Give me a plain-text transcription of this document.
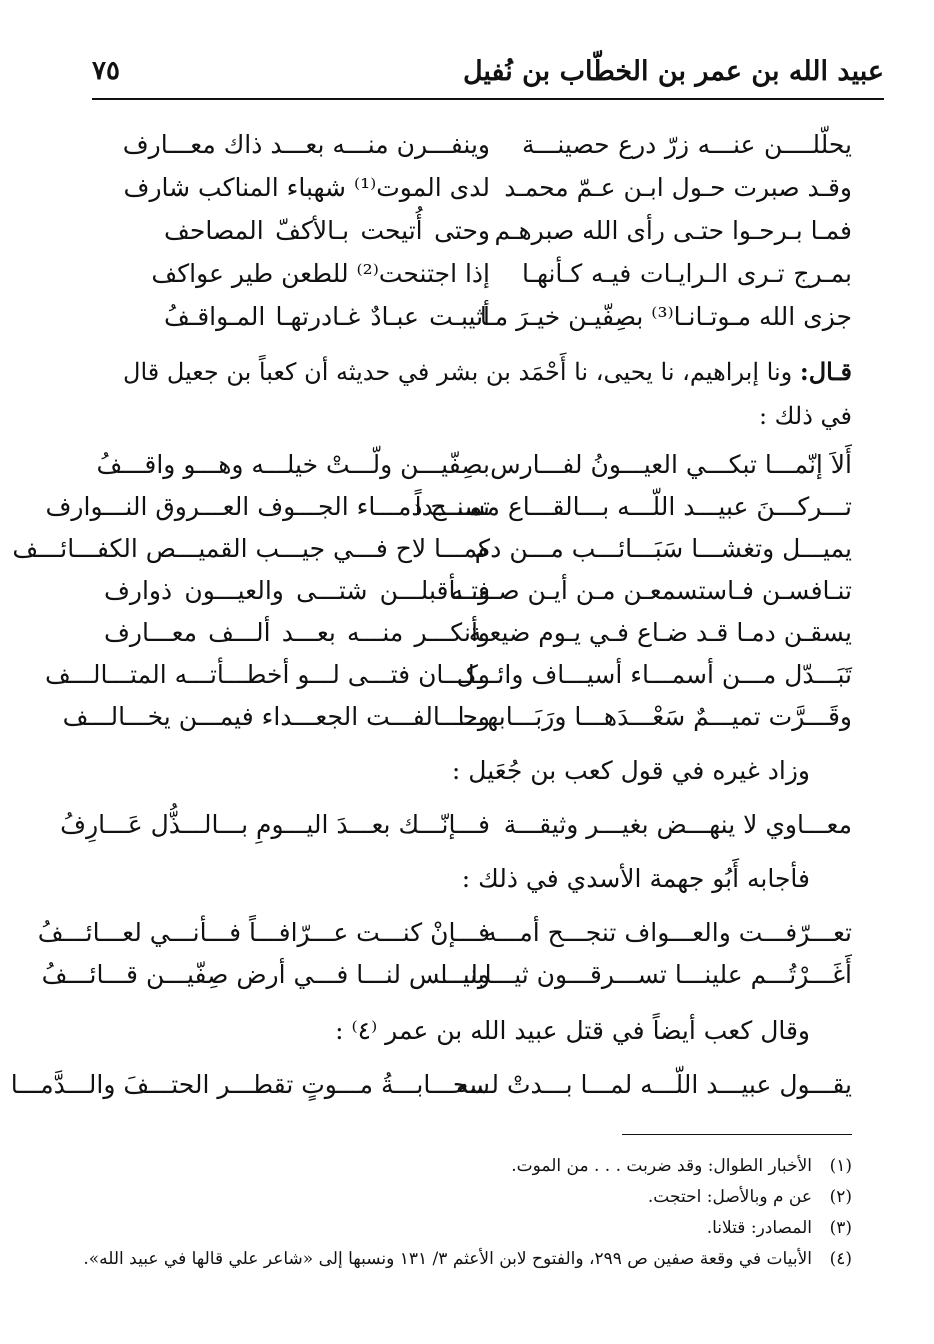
عبيد الله بن عمر بن الخطّاب بن نُفيل
٧٥
يحلّلــــن عنـــه زرّ درع حصينـــة
وينفـــرن منـــه بعـــد ذاك معـــارف
وقـد صبرت حـول ابـن عـمّ محمـد
لدى الموت⁽¹⁾ شهباء المناكب شارف
فمـا بـرحـوا حتـى رأى الله صبرهـم
وحتى أُتيحت بـالأكفّ المصاحف
بمـرج تـرى الـرايـات فيـه كـأنهـا
إذا اجتنحت⁽²⁾ للطعن طير عواكف
جزى الله مـوتـانـا⁽³⁾ بصِفّيـن خيـرَ مـا
أثيبـت عبـادٌ غـادرتهـا المـواقـفُ
قـال: ونا إبراهيم، نا يحيى، نا أَحْمَد بن بشر في حديثه أن كعباً بن جعيل قال في ذلك :
أَلاَ إنّمـــا تبكـــي العيـــونُ لفـــارس
بصِفّيـــن ولّـــتْ خيلـــه وهـــو واقـــفُ
تـــركـــنَ عبيـــد اللّـــه بـــالقـــاع مسنـــداً
تمـــج دمـــاء الجـــوف العـــروق النـــوارف
يميـــل وتغشـــا سَبَـــائـــب مـــن دم
كمـــا لاح فـــي جيـــب القميـــص الكفـــائـــف
تنـافسـن فـاستسمعـن مـن أيـن صـوتـه
فـــأقبلـــن شتـــى والعيـــون ذوارف
يسقـن دمـا قـد ضـاع فـي يـوم ضيعـة
وأنكـــر منـــه بعـــد ألـــف معـــارف
تَبَـــدّل مـــن أسمـــاء أسيـــاف وائـــل
وكـــان فتـــى لـــو أخطـــأتـــه المتـــالـــف
وقَـــرَّت تميـــمٌ سَعْـــدَهـــا ورَبَـــابهـــا
وحـــالفـــت الجعـــداء فيمـــن يخـــالـــف
وزاد غيره في قول كعب بن جُعَيل :
معـــاوي لا ينهـــض بغيـــر وثيقـــة
فـــإنّـــك بعـــدَ اليـــومِ بـــالـــذُّل عَـــارِفُ
فأجابه أَبُو جهمة الأسدي في ذلك :
تعـــرّفـــت والعـــواف تنجـــح أمـــه
فـــإنْ كنـــت عـــرّافـــاً فـــأنـــي لعـــائـــفُ
أَغَـــرْتُـــم علينـــا تســـرقـــون ثيـــابنـــا
وليـــس لنـــا فـــي أرض صِفّيـــن قـــائـــفُ
وقال كعب أيضاً في قتل عبيد الله بن عمر ⁽٤⁾ :
يقـــول عبيـــد اللّـــه لمـــا بـــدتْ لـــه
سحـــابـــةُ مـــوتٍ تقطـــر الحتـــفَ والـــدَّمـــا
(١)الأخبار الطوال: وقد ضربت . . . من الموت.
(٢)عن م وبالأصل: احتجت.
(٣)المصادر: قتلانا.
(٤)الأبيات في وقعة صفين ص ٢٩٩، والفتوح لابن الأعثم ٣/ ١٣١ ونسبها إلى «شاعر علي قالها في عبيد الله».
